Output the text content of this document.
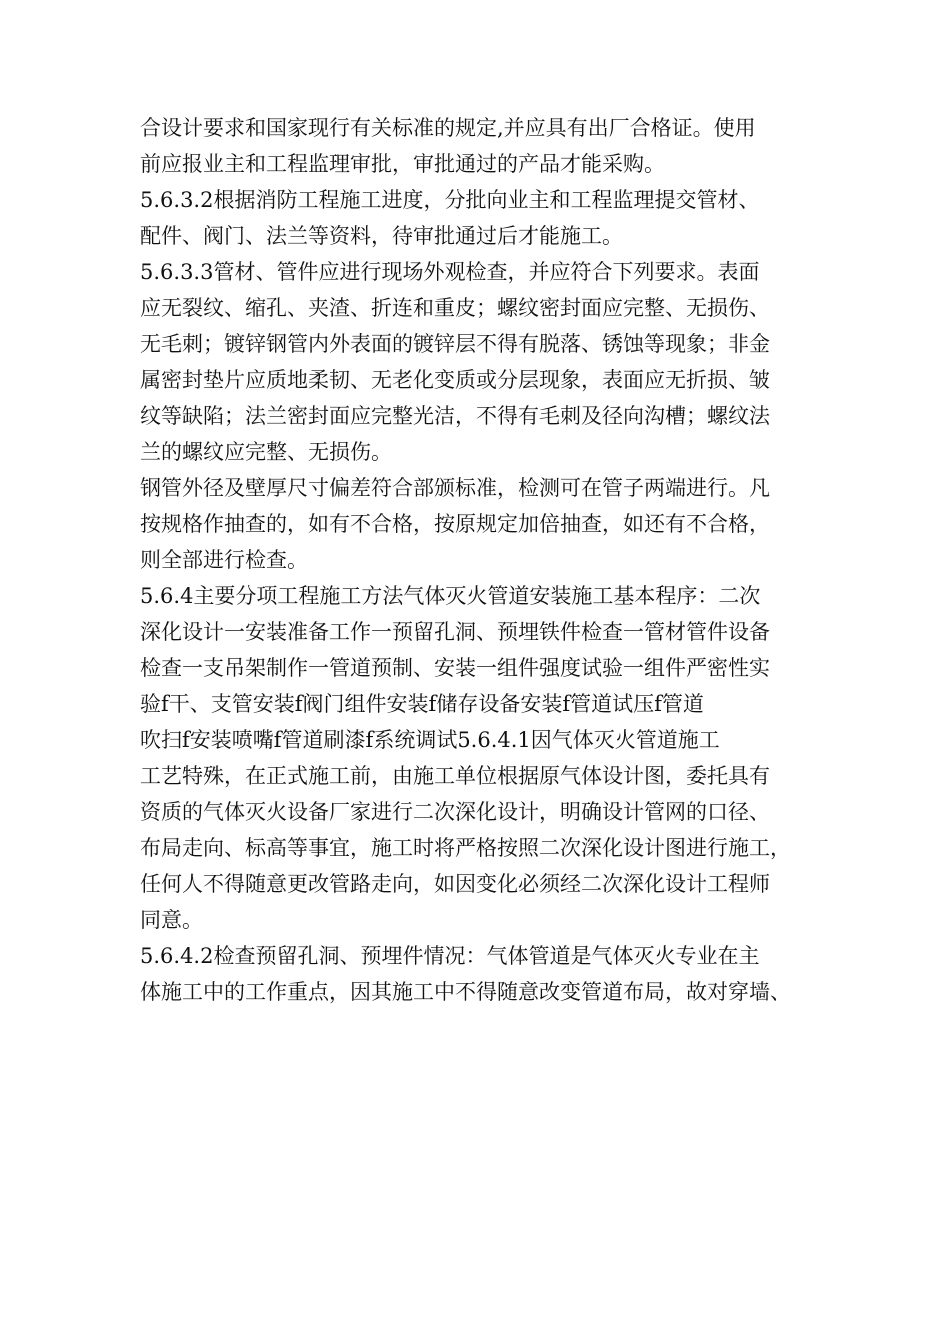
合设计要求和国家现行有关标准的规定,并应具有出厂合格证。使用
前应报业主和工程监理审批，审批通过的产品才能采购。

5.6.3.2根据消防工程施工进度，分批向业主和工程监理提交管材、
配件、阀门、法兰等资料，待审批通过后才能施工。

5.6.3.3管材、管件应进行现场外观检查，并应符合下列要求。表面
应无裂纹、缩孔、夹渣、折连和重皮；螺纹密封面应完整、无损伤、
无毛刺；镀锌钢管内外表面的镀锌层不得有脱落、锈蚀等现象；非金
属密封垫片应质地柔韧、无老化变质或分层现象，表面应无折损、皱
纹等缺陷；法兰密封面应完整光洁，不得有毛刺及径向沟槽；螺纹法
兰的螺纹应完整、无损伤。

钢管外径及壁厚尺寸偏差符合部颁标准，检测可在管子两端进行。凡
按规格作抽查的，如有不合格，按原规定加倍抽查，如还有不合格，
则全部进行检查。

5.6.4主要分项工程施工方法气体灭火管道安装施工基本程序：二次
深化设计一安装准备工作一预留孔洞、预埋铁件检查一管材管件设备
检查一支吊架制作一管道预制、安装一组件强度试验一组件严密性实
验f干、支管安装f阀门组件安装f储存设备安装f管道试压f管道
吹扫f安装喷嘴f管道刷漆f系统调试5.6.4.1因气体灭火管道施工
工艺特殊，在正式施工前，由施工单位根据原气体设计图，委托具有
资质的气体灭火设备厂家进行二次深化设计，明确设计管网的口径、
布局走向、标高等事宜，施工时将严格按照二次深化设计图进行施工，
任何人不得随意更改管路走向，如因变化必须经二次深化设计工程师
同意。

5.6.4.2检查预留孔洞、预埋件情况：气体管道是气体灭火专业在主
体施工中的工作重点，因其施工中不得随意改变管道布局，故对穿墙、
